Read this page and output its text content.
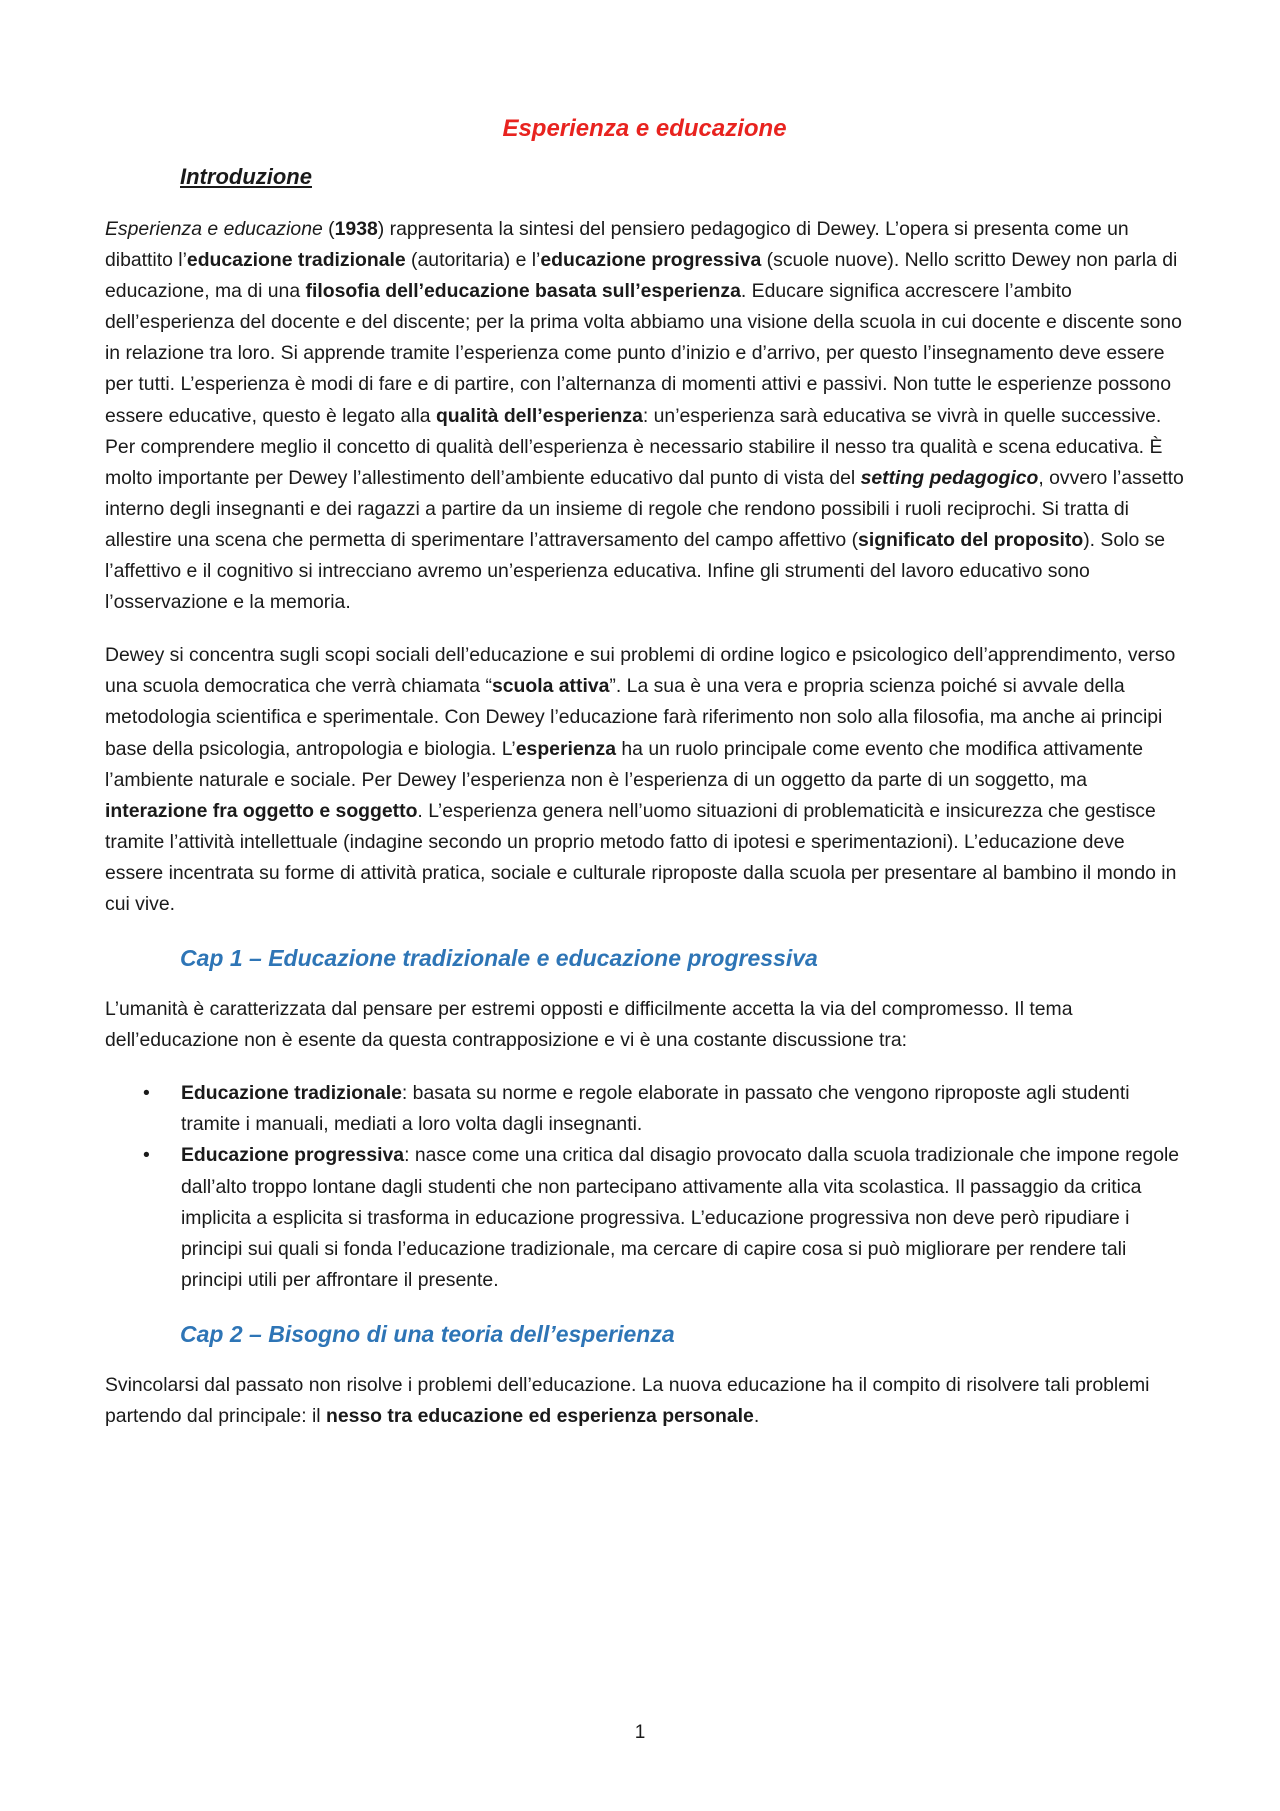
Esperienza e educazione
Introduzione

Esperienza e educazione (1938) rappresenta la sintesi del pensiero pedagogico di Dewey. L’opera si presenta come un dibattito l’educazione tradizionale (autoritaria) e l’educazione progressiva (scuole nuove). Nello scritto Dewey non parla di educazione, ma di una filosofia dell’educazione basata sull’esperienza. Educare significa accrescere l’ambito dell’esperienza del docente e del discente; per la prima volta abbiamo una visione della scuola in cui docente e discente sono in relazione tra loro. Si apprende tramite l’esperienza come punto d’inizio e d’arrivo, per questo l’insegnamento deve essere per tutti. L’esperienza è modi di fare e di partire, con l’alternanza di momenti attivi e passivi. Non tutte le esperienze possono essere educative, questo è legato alla qualità dell’esperienza: un’esperienza sarà educativa se vivrà in quelle successive. Per comprendere meglio il concetto di qualità dell’esperienza è necessario stabilire il nesso tra qualità e scena educativa. È molto importante per Dewey l’allestimento dell’ambiente educativo dal punto di vista del setting pedagogico, ovvero l’assetto interno degli insegnanti e dei ragazzi a partire da un insieme di regole che rendono possibili i ruoli reciprochi. Si tratta di allestire una scena che permetta di sperimentare l’attraversamento del campo affettivo (significato del proposito). Solo se l’affettivo e il cognitivo si intrecciano avremo un’esperienza educativa. Infine gli strumenti del lavoro educativo sono l’osservazione e la memoria.

Dewey si concentra sugli scopi sociali dell’educazione e sui problemi di ordine logico e psicologico dell’apprendimento, verso una scuola democratica che verrà chiamata “scuola attiva”. La sua è una vera e propria scienza poiché si avvale della metodologia scientifica e sperimentale. Con Dewey l’educazione farà riferimento non solo alla filosofia, ma anche ai principi base della psicologia, antropologia e biologia. L’esperienza ha un ruolo principale come evento che modifica attivamente l’ambiente naturale e sociale. Per Dewey l’esperienza non è l’esperienza di un oggetto da parte di un soggetto, ma interazione fra oggetto e soggetto. L’esperienza genera nell’uomo situazioni di problematicità e insicurezza che gestisce tramite l’attività intellettuale (indagine secondo un proprio metodo fatto di ipotesi e sperimentazioni). L’educazione deve essere incentrata su forme di attività pratica, sociale e culturale riproposte dalla scuola per presentare al bambino il mondo in cui vive.

Cap 1 – Educazione tradizionale e educazione progressiva

L’umanità è caratterizzata dal pensare per estremi opposti e difficilmente accetta la via del compromesso. Il tema dell’educazione non è esente da questa contrapposizione e vi è una costante discussione tra:

• Educazione tradizionale: basata su norme e regole elaborate in passato che vengono riproposte agli studenti tramite i manuali, mediati a loro volta dagli insegnanti.
• Educazione progressiva: nasce come una critica dal disagio provocato dalla scuola tradizionale che impone regole dall’alto troppo lontane dagli studenti che non partecipano attivamente alla vita scolastica. Il passaggio da critica implicita a esplicita si trasforma in educazione progressiva. L’educazione progressiva non deve però ripudiare i principi sui quali si fonda l’educazione tradizionale, ma cercare di capire cosa si può migliorare per rendere tali principi utili per affrontare il presente.
Cap 2 – Bisogno di una teoria dell’esperienza

Svincolarsi dal passato non risolve i problemi dell’educazione. La nuova educazione ha il compito di risolvere tali problemi partendo dal principale: il nesso tra educazione ed esperienza personale.

1
